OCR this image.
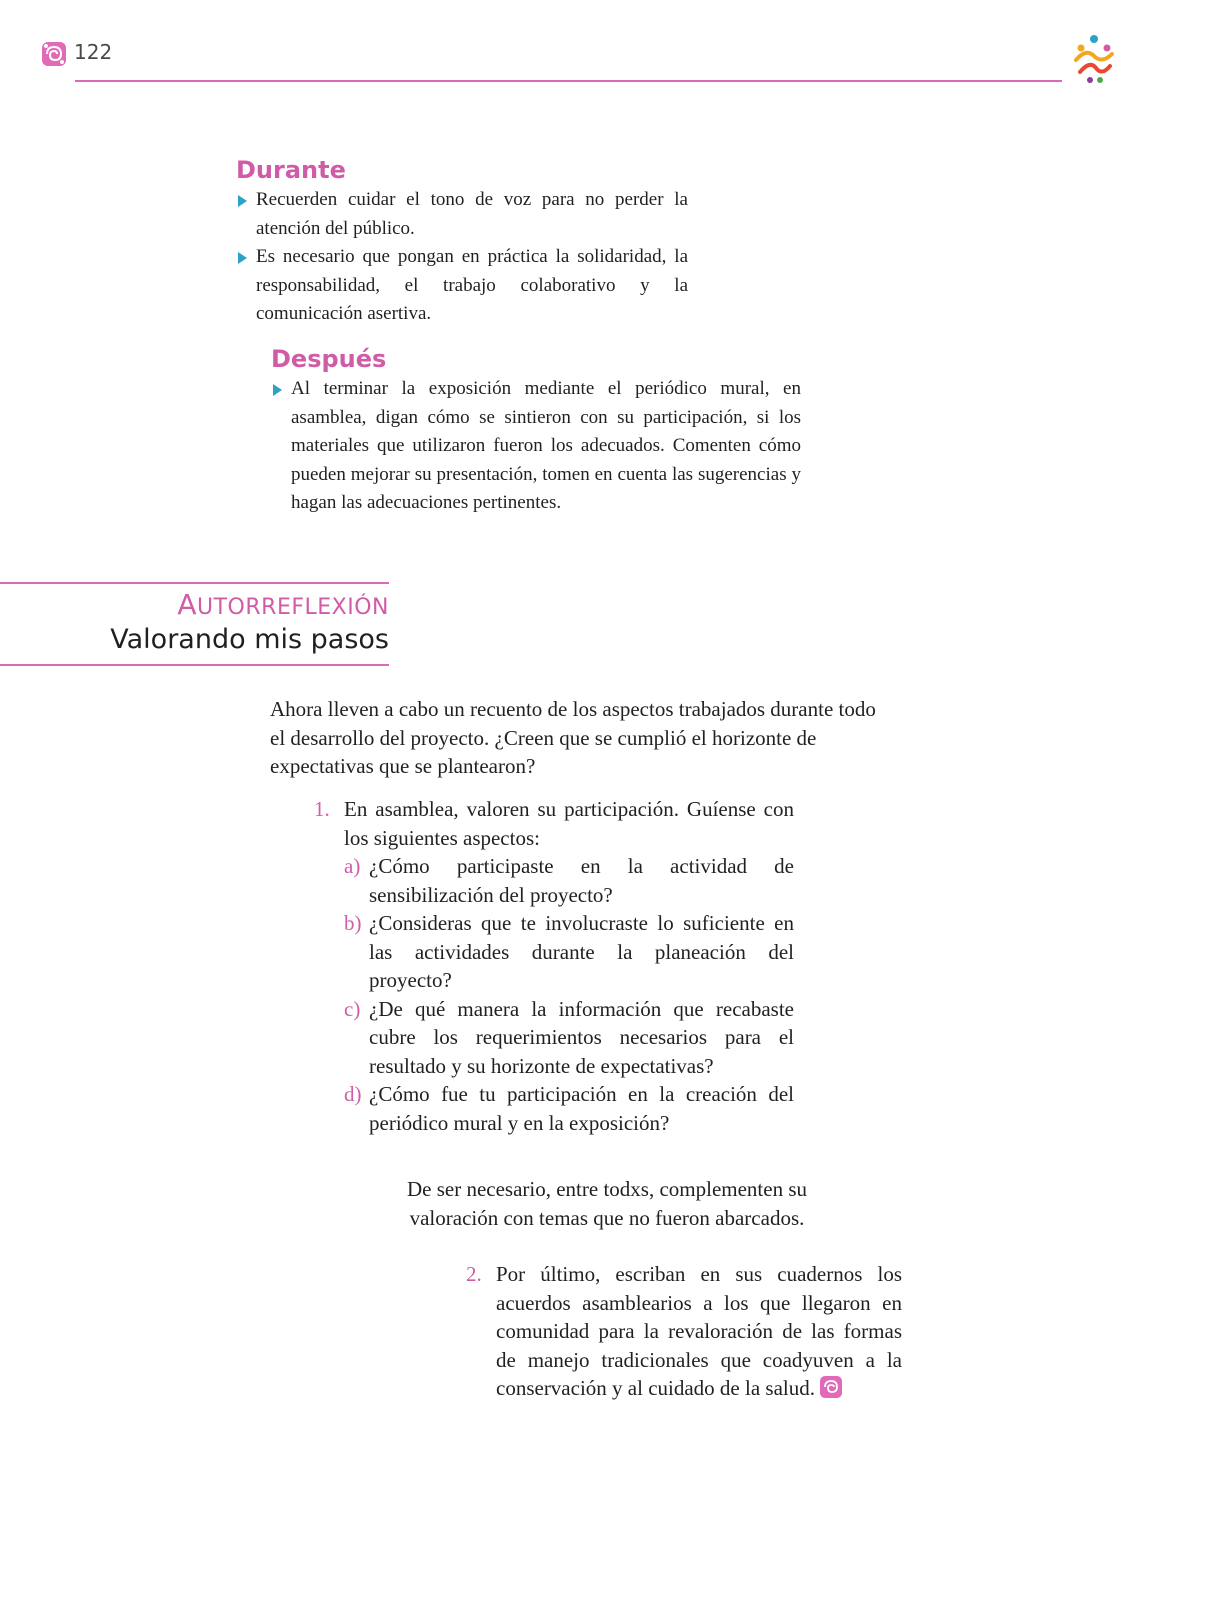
122
Durante
Recuerden cuidar el tono de voz para no perder la atención del público.
Es necesario que pongan en práctica la solidaridad, la responsabilidad, el trabajo colaborativo y la comunicación asertiva.
Después
Al terminar la exposición mediante el periódico mural, en asamblea, digan cómo se sintieron con su participación, si los materiales que utilizaron fueron los adecuados. Comenten cómo pueden mejorar su presentación, tomen en cuenta las sugerencias y hagan las adecuaciones pertinentes.
AUTORREFLEXIÓN
Valorando mis pasos
Ahora lleven a cabo un recuento de los aspectos trabajados durante todo el desarrollo del proyecto. ¿Creen que se cumplió el horizonte de expectativas que se plantearon?
1. En asamblea, valoren su participación. Guíense con los siguientes aspectos:
a) ¿Cómo participaste en la actividad de sensibilización del proyecto?
b) ¿Consideras que te involucraste lo suficiente en las actividades durante la planeación del proyecto?
c) ¿De qué manera la información que recabaste cubre los requerimientos necesarios para el resultado y su horizonte de expectativas?
d) ¿Cómo fue tu participación en la creación del periódico mural y en la exposición?
De ser necesario, entre todxs, complementen su valoración con temas que no fueron abarcados.
2. Por último, escriban en sus cuadernos los acuerdos asamblearios a los que llegaron en comunidad para la revaloración de las formas de manejo tradicionales que coadyuven a la conservación y al cuidado de la salud.
